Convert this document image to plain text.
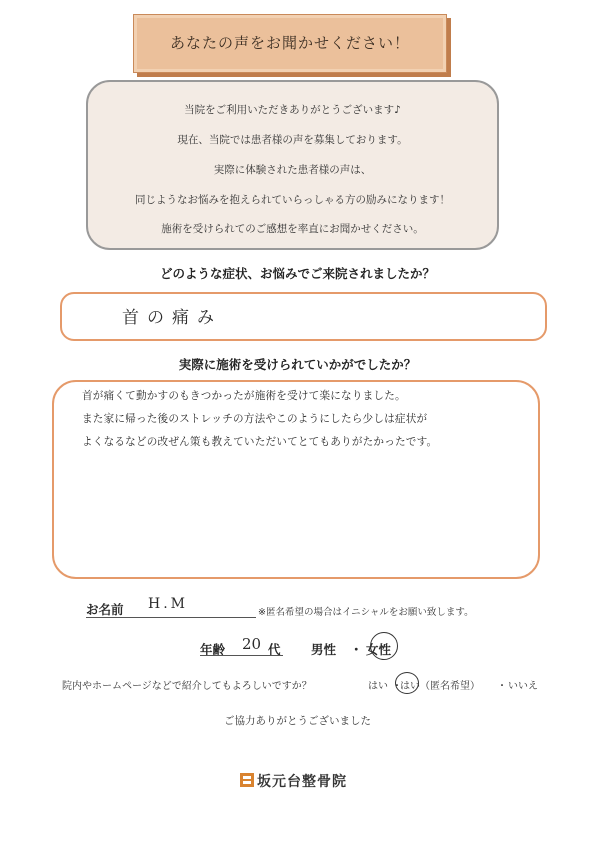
あなたの声をお聞かせください！
当院をご利用いただきありがとうございます♪
現在、当院では患者様の声を募集しております。
実際に体験された患者様の声は、
同じようなお悩みを抱えられていらっしゃる方の励みになります！
施術を受けられてのご感想を率直にお聞かせください。
どのような症状、お悩みでご来院されましたか？
首の痛み
実際に施術を受けられていかがでしたか？
首が痛くて動かすのもきつかったが施術を受けて楽になりました。
また家に帰った後のストレッチの方法やこのようにしたら少しは症状が
よくなるなどの改ぜん策も教えていただいてとてもありがたかったです。
お名前 H.M
※匿名希望の場合はイニシャルをお願い致します。
年齢 20 代 男性 ・ 女性
院内やホームページなどで紹介してもよろしいですか？	はい ・
はい（匿名希望） ・ いいえ
ご協力ありがとうございました
坂元台整骨院
